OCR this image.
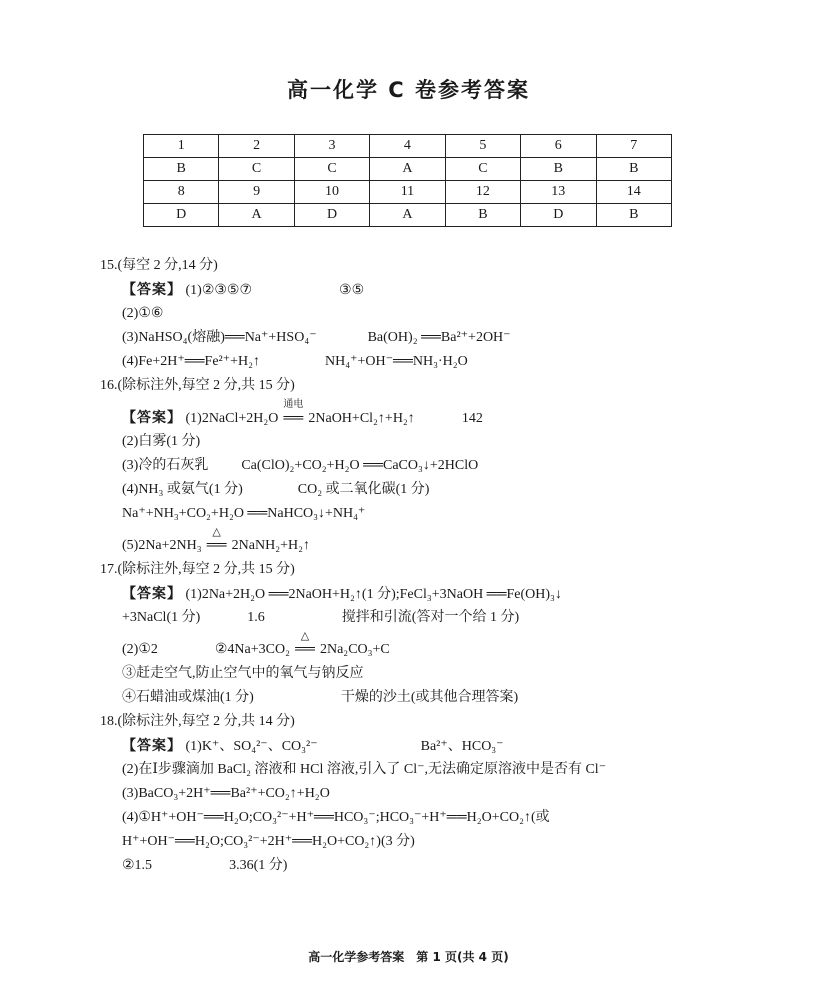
高一化学 C 卷参考答案
1	2	3	4	5	6	7
B	C	C	A	C	B	B
8	9	10	11	12	13	14
D	A	D	A	B	D	B
15.(每空 2 分,14 分)
【答案】 (1)②③⑤⑦	③⑤
(2)①⑥
(3)NaHSO₄(熔融)══Na⁺+HSO₄⁻	Ba(OH)₂ ══Ba²⁺+2OH⁻
(4)Fe+2H⁺══Fe²⁺+H₂↑	NH₄⁺+OH⁻══NH₃·H₂O
16.(除标注外,每空 2 分,共 15 分)
【答案】 (1)2NaCl+2H₂O
通电
══ 2NaOH+Cl₂↑+H₂↑	142
(2)白雾(1 分)
(3)冷的石灰乳 Ca(ClO)₂+CO₂+H₂O ══CaCO₃↓+2HClO
(4)NH₃ 或氨气(1 分)	CO₂ 或二氧化碳(1 分)
Na⁺+NH₃+CO₂+H₂O ══NaHCO₃↓+NH₄⁺
(5)2Na+2NH₃
△
══ 2NaNH₂+H₂↑
17.(除标注外,每空 2 分,共 15 分)
【答案】 (1)2Na+2H₂O ══2NaOH+H₂↑(1 分);FeCl₃+3NaOH ══Fe(OH)₃↓
+3NaCl(1 分)	1.6	搅拌和引流(答对一个给 1 分)
(2)①2	②4Na+3CO₂
△
══ 2Na₂CO₃+C
③赶走空气,防止空气中的氧气与钠反应
④石蜡油或煤油(1 分)	干燥的沙土(或其他合理答案)
18.(除标注外,每空 2 分,共 14 分)
【答案】 (1)K⁺、SO₄²⁻、CO₃²⁻	Ba²⁺、HCO₃⁻
(2)在Ⅰ步骤滴加 BaCl₂ 溶液和 HCl 溶液,引入了 Cl⁻,无法确定原溶液中是否有 Cl⁻
(3)BaCO₃+2H⁺══Ba²⁺+CO₂↑+H₂O
(4)①H⁺+OH⁻══H₂O;CO₃²⁻+H⁺══HCO₃⁻;HCO₃⁻+H⁺══H₂O+CO₂↑(或
H⁺+OH⁻══H₂O;CO₃²⁻+2H⁺══H₂O+CO₂↑)(3 分)
②1.5	3.36(1 分)
高一化学参考答案　第 1 页(共 4 页)
